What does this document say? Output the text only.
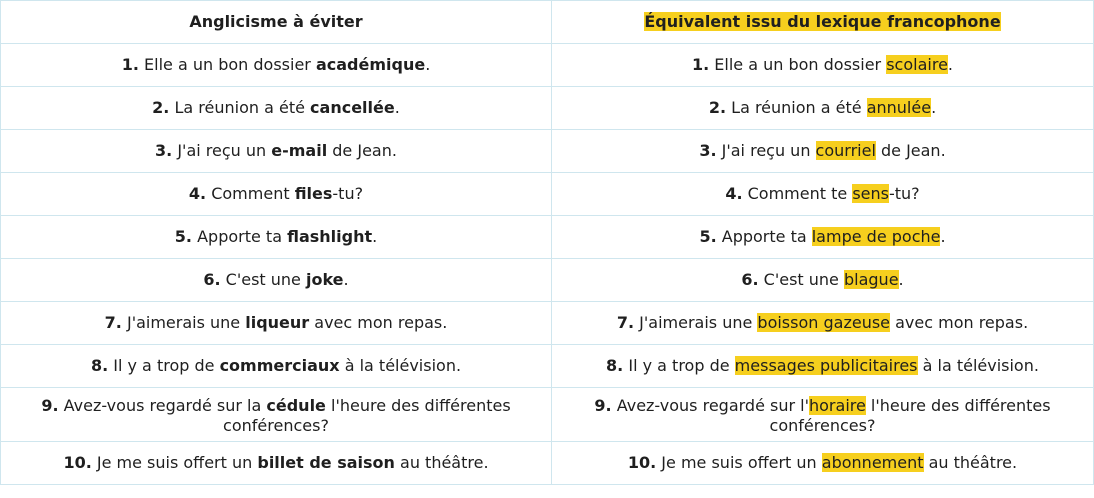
Anglicisme à éviter	Équivalent issu du lexique francophone
1. Elle a un bon dossier académique.	1. Elle a un bon dossier scolaire.
2. La réunion a été cancellée.	2. La réunion a été annulée.
3. J'ai reçu un e-mail de Jean.	3. J'ai reçu un courriel de Jean.
4. Comment files-tu?	4. Comment te sens-tu?
5. Apporte ta flashlight.	5. Apporte ta lampe de poche.
6. C'est une joke.	6. C'est une blague.
7. J'aimerais une liqueur avec mon repas.	7. J'aimerais une boisson gazeuse avec mon repas.
8. Il y a trop de commerciaux à la télévision.	8. Il y a trop de messages publicitaires à la télévision.
9. Avez-vous regardé sur la cédule l'heure des différentes conférences?	9. Avez-vous regardé sur l'horaire l'heure des différentes conférences?
10. Je me suis offert un billet de saison au théâtre.	10. Je me suis offert un abonnement au théâtre.
